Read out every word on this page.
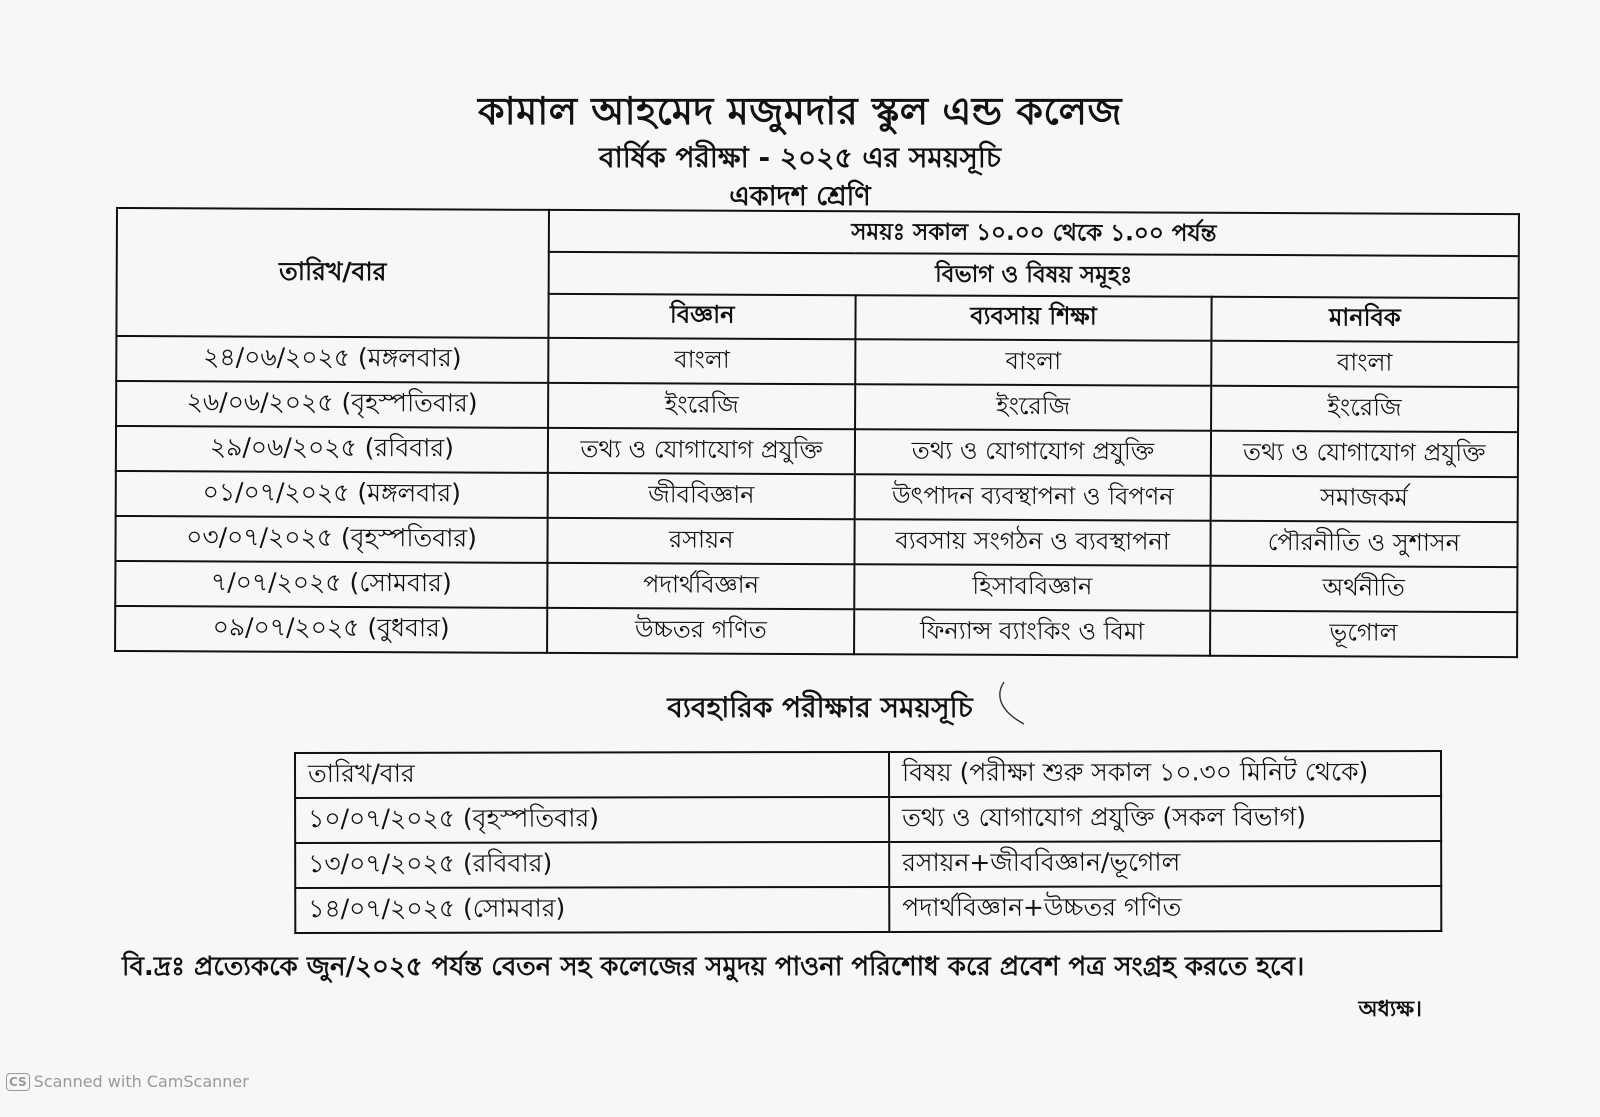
কামাল আহমেদ মজুমদার স্কুল এন্ড কলেজ
বার্ষিক পরীক্ষা - ২০২৫ এর সময়সূচি
একাদশ শ্রেণি
তারিখ/বার	সময়ঃ সকাল ১০.০০ থেকে ১.০০ পর্যন্ত		
	বিভাগ ও বিষয় সমূহঃ		
	বিজ্ঞান	ব্যবসায় শিক্ষা	মানবিক
২৪/০৬/২০২৫ (মঙ্গলবার)	বাংলা	বাংলা	বাংলা
২৬/০৬/২০২৫ (বৃহস্পতিবার)	ইংরেজি	ইংরেজি	ইংরেজি
২৯/০৬/২০২৫ (রবিবার)	তথ্য ও যোগাযোগ প্রযুক্তি	তথ্য ও যোগাযোগ প্রযুক্তি	তথ্য ও যোগাযোগ প্রযুক্তি
০১/০৭/২০২৫ (মঙ্গলবার)	জীববিজ্ঞান	উৎপাদন ব্যবস্থাপনা ও বিপণন	সমাজকর্ম
০৩/০৭/২০২৫ (বৃহস্পতিবার)	রসায়ন	ব্যবসায় সংগঠন ও ব্যবস্থাপনা	পৌরনীতি ও সুশাসন
৭/০৭/২০২৫ (সোমবার)	পদার্থবিজ্ঞান	হিসাববিজ্ঞান	অর্থনীতি
০৯/০৭/২০২৫ (বুধবার)	উচ্চতর গণিত	ফিন্যান্স ব্যাংকিং ও বিমা	ভূগোল
ব্যবহারিক পরীক্ষার সময়সূচি
তারিখ/বার	বিষয় (পরীক্ষা শুরু সকাল ১০.৩০ মিনিট থেকে)
১০/০৭/২০২৫ (বৃহস্পতিবার)	তথ্য ও যোগাযোগ প্রযুক্তি (সকল বিভাগ)
১৩/০৭/২০২৫ (রবিবার)	রসায়ন+জীববিজ্ঞান/ভূগোল
১৪/০৭/২০২৫ (সোমবার)	পদার্থবিজ্ঞান+উচ্চতর গণিত
বি.দ্রঃ প্রত্যেককে জুন/২০২৫ পর্যন্ত বেতন সহ কলেজের সমুদয় পাওনা পরিশোধ করে প্রবেশ পত্র সংগ্রহ করতে হবে।
অধ্যক্ষ।
CS Scanned with CamScanner
